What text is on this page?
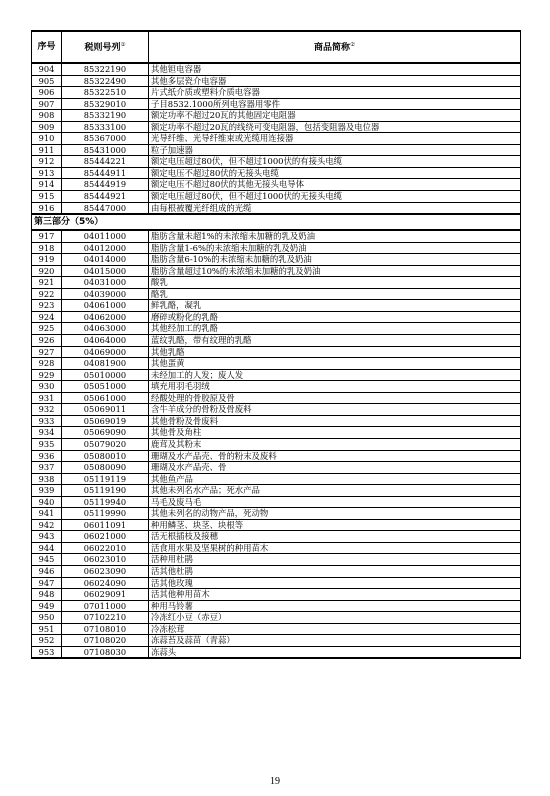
序号	税则号列①	商品简称②
904	85322190	其他钽电容器
905	85322490	其他多层瓷介电容器
906	85322510	片式纸介质或塑料介质电容器
907	85329010	子目8532.1000所列电容器用零件
908	85332190	额定功率不超过20瓦的其他固定电阻器
909	85333100	额定功率不超过20瓦的线绕可变电阻器，包括变阻器及电位器
910	85367000	光导纤维、光导纤维束或光缆用连接器
911	85431000	粒子加速器
912	85444221	额定电压超过80伏，但不超过1000伏的有接头电缆
913	85444911	额定电压不超过80伏的无接头电缆
914	85444919	额定电压不超过80伏的其他无接头电导体
915	85444921	额定电压超过80伏，但不超过1000伏的无接头电缆
916	85447000	由每根被覆光纤组成的光缆
第三部分（5%）		
917	04011000	脂肪含量未超1%的未浓缩未加糖的乳及奶油
918	04012000	脂肪含量1-6%的未浓缩未加糖的乳及奶油
919	04014000	脂肪含量6-10%的未浓缩未加糖的乳及奶油
920	04015000	脂肪含量超过10%的未浓缩未加糖的乳及奶油
921	04031000	酸乳
922	04039000	酪乳
923	04061000	鲜乳酪，凝乳
924	04062000	磨碎或粉化的乳酪
925	04063000	其他经加工的乳酪
926	04064000	蓝纹乳酪，带有纹理的乳酪
927	04069000	其他乳酪
928	04081900	其他蛋黄
929	05010000	未经加工的人发；废人发
930	05051000	填充用羽毛羽绒
931	05061000	经酸处理的骨胶原及骨
932	05069011	含牛羊成分的骨粉及骨废料
933	05069019	其他骨粉及骨废料
934	05069090	其他骨及角柱
935	05079020	鹿茸及其粉末
936	05080010	珊瑚及水产品壳、骨的粉末及废料
937	05080090	珊瑚及水产品壳、骨
938	05119119	其他鱼产品
939	05119190	其他未列名水产品；死水产品
940	05119940	马毛及废马毛
941	05119990	其他未列名的动物产品，死动物
942	06011091	种用鳞茎、块茎、块根等
943	06021000	活无根插枝及接穗
944	06022010	活食用水果及坚果树的种用苗木
945	06023010	活种用杜鹃
946	06023090	活其他杜鹃
947	06024090	活其他玫瑰
948	06029091	活其他种用苗木
949	07011000	种用马铃薯
950	07102210	冷冻红小豆（赤豆）
951	07108010	冷冻松茸
952	07108020	冻蒜苔及蒜苗（青蒜）
953	07108030	冻蒜头
19
